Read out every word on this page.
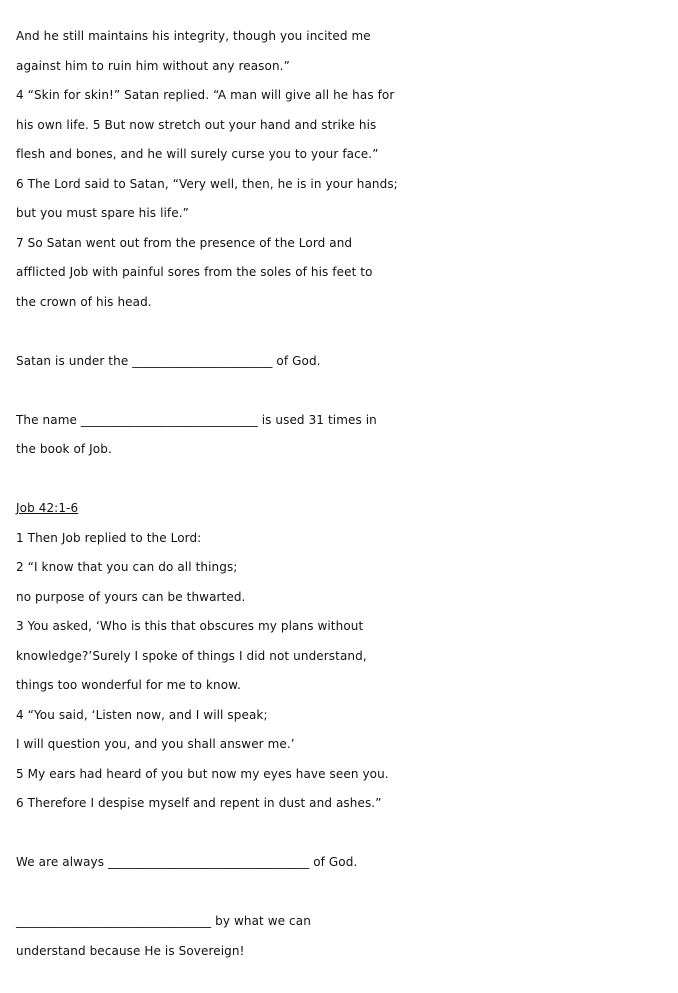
And he still maintains his integrity, though you incited me
against him to ruin him without any reason.”
4 “Skin for skin!” Satan replied. “A man will give all he has for
his own life. 5 But now stretch out your hand and strike his
flesh and bones, and he will surely curse you to your face.”
6 The Lord said to Satan, “Very well, then, he is in your hands;
but you must spare his life.”
7 So Satan went out from the presence of the Lord and
afflicted Job with painful sores from the soles of his feet to
the crown of his head.
Satan is under the _______________________ of God.
The name _____________________________ is used 31 times in
the book of Job.
Job 42:1-6
1 Then Job replied to the Lord:
2 “I know that you can do all things;
no purpose of yours can be thwarted.
3 You asked, ‘Who is this that obscures my plans without
knowledge?’Surely I spoke of things I did not understand,
things too wonderful for me to know.
4 “You said, ‘Listen now, and I will speak;
I will question you, and you shall answer me.’
5 My ears had heard of you but now my eyes have seen you.
6 Therefore I despise myself and repent in dust and ashes.”
We are always _________________________________ of God.
________________________________ by what we can
understand because He is Sovereign!
